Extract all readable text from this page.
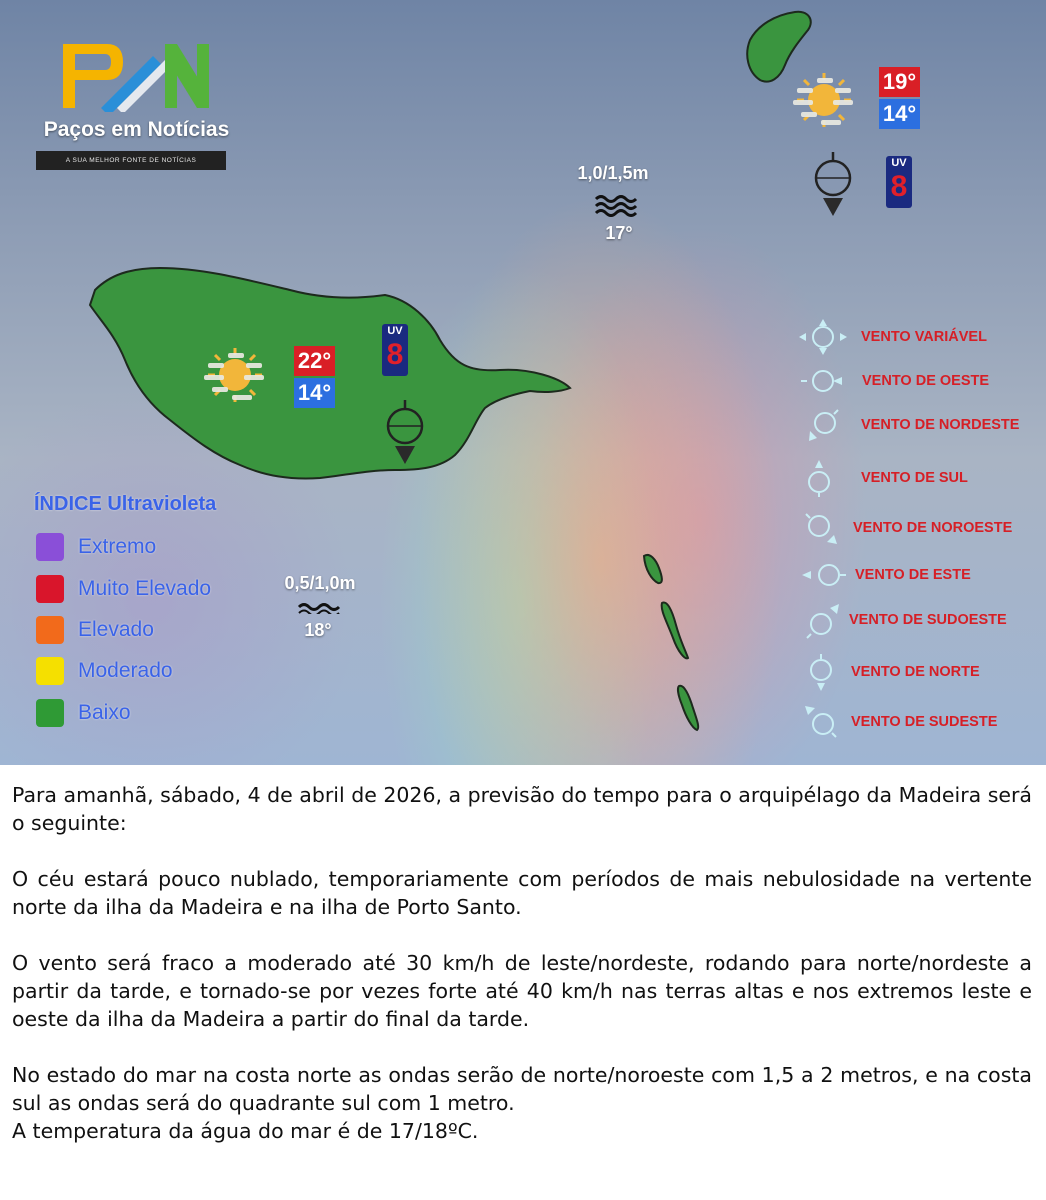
Paços em Notícias
A SUA MELHOR FONTE DE NOTÍCIAS
19°
14°
UV
8
1,0/1,5m
17°
22°
14°
UV
8
0,5/1,0m
18°
ÍNDICE Ultravioleta
Extremo
Muito Elevado
Elevado
Moderado
Baixo
VENTO VARIÁVEL
VENTO DE OESTE
VENTO DE NORDESTE
VENTO DE SUL
VENTO DE NOROESTE
VENTO DE ESTE
VENTO DE SUDOESTE
VENTO DE NORTE
VENTO DE SUDESTE

Para amanhã, sábado, 4 de abril de 2026, a previsão do tempo para o arquipélago da Madeira será o seguinte:

O céu estará pouco nublado, temporariamente com períodos de mais nebulosidade na vertente norte da ilha da Madeira e na ilha de Porto Santo.

O vento será fraco a moderado até 30 km/h de leste/nordeste, rodando para norte/nordeste a partir da tarde, e tornado-se por vezes forte até 40 km/h nas terras altas e nos extremos leste e oeste da ilha da Madeira a partir do final da tarde.

No estado do mar na costa norte as ondas serão de norte/noroeste com 1,5 a 2 metros, e na costa sul as ondas será do quadrante sul com 1 metro.
A temperatura da água do mar é de 17/18ºC.
